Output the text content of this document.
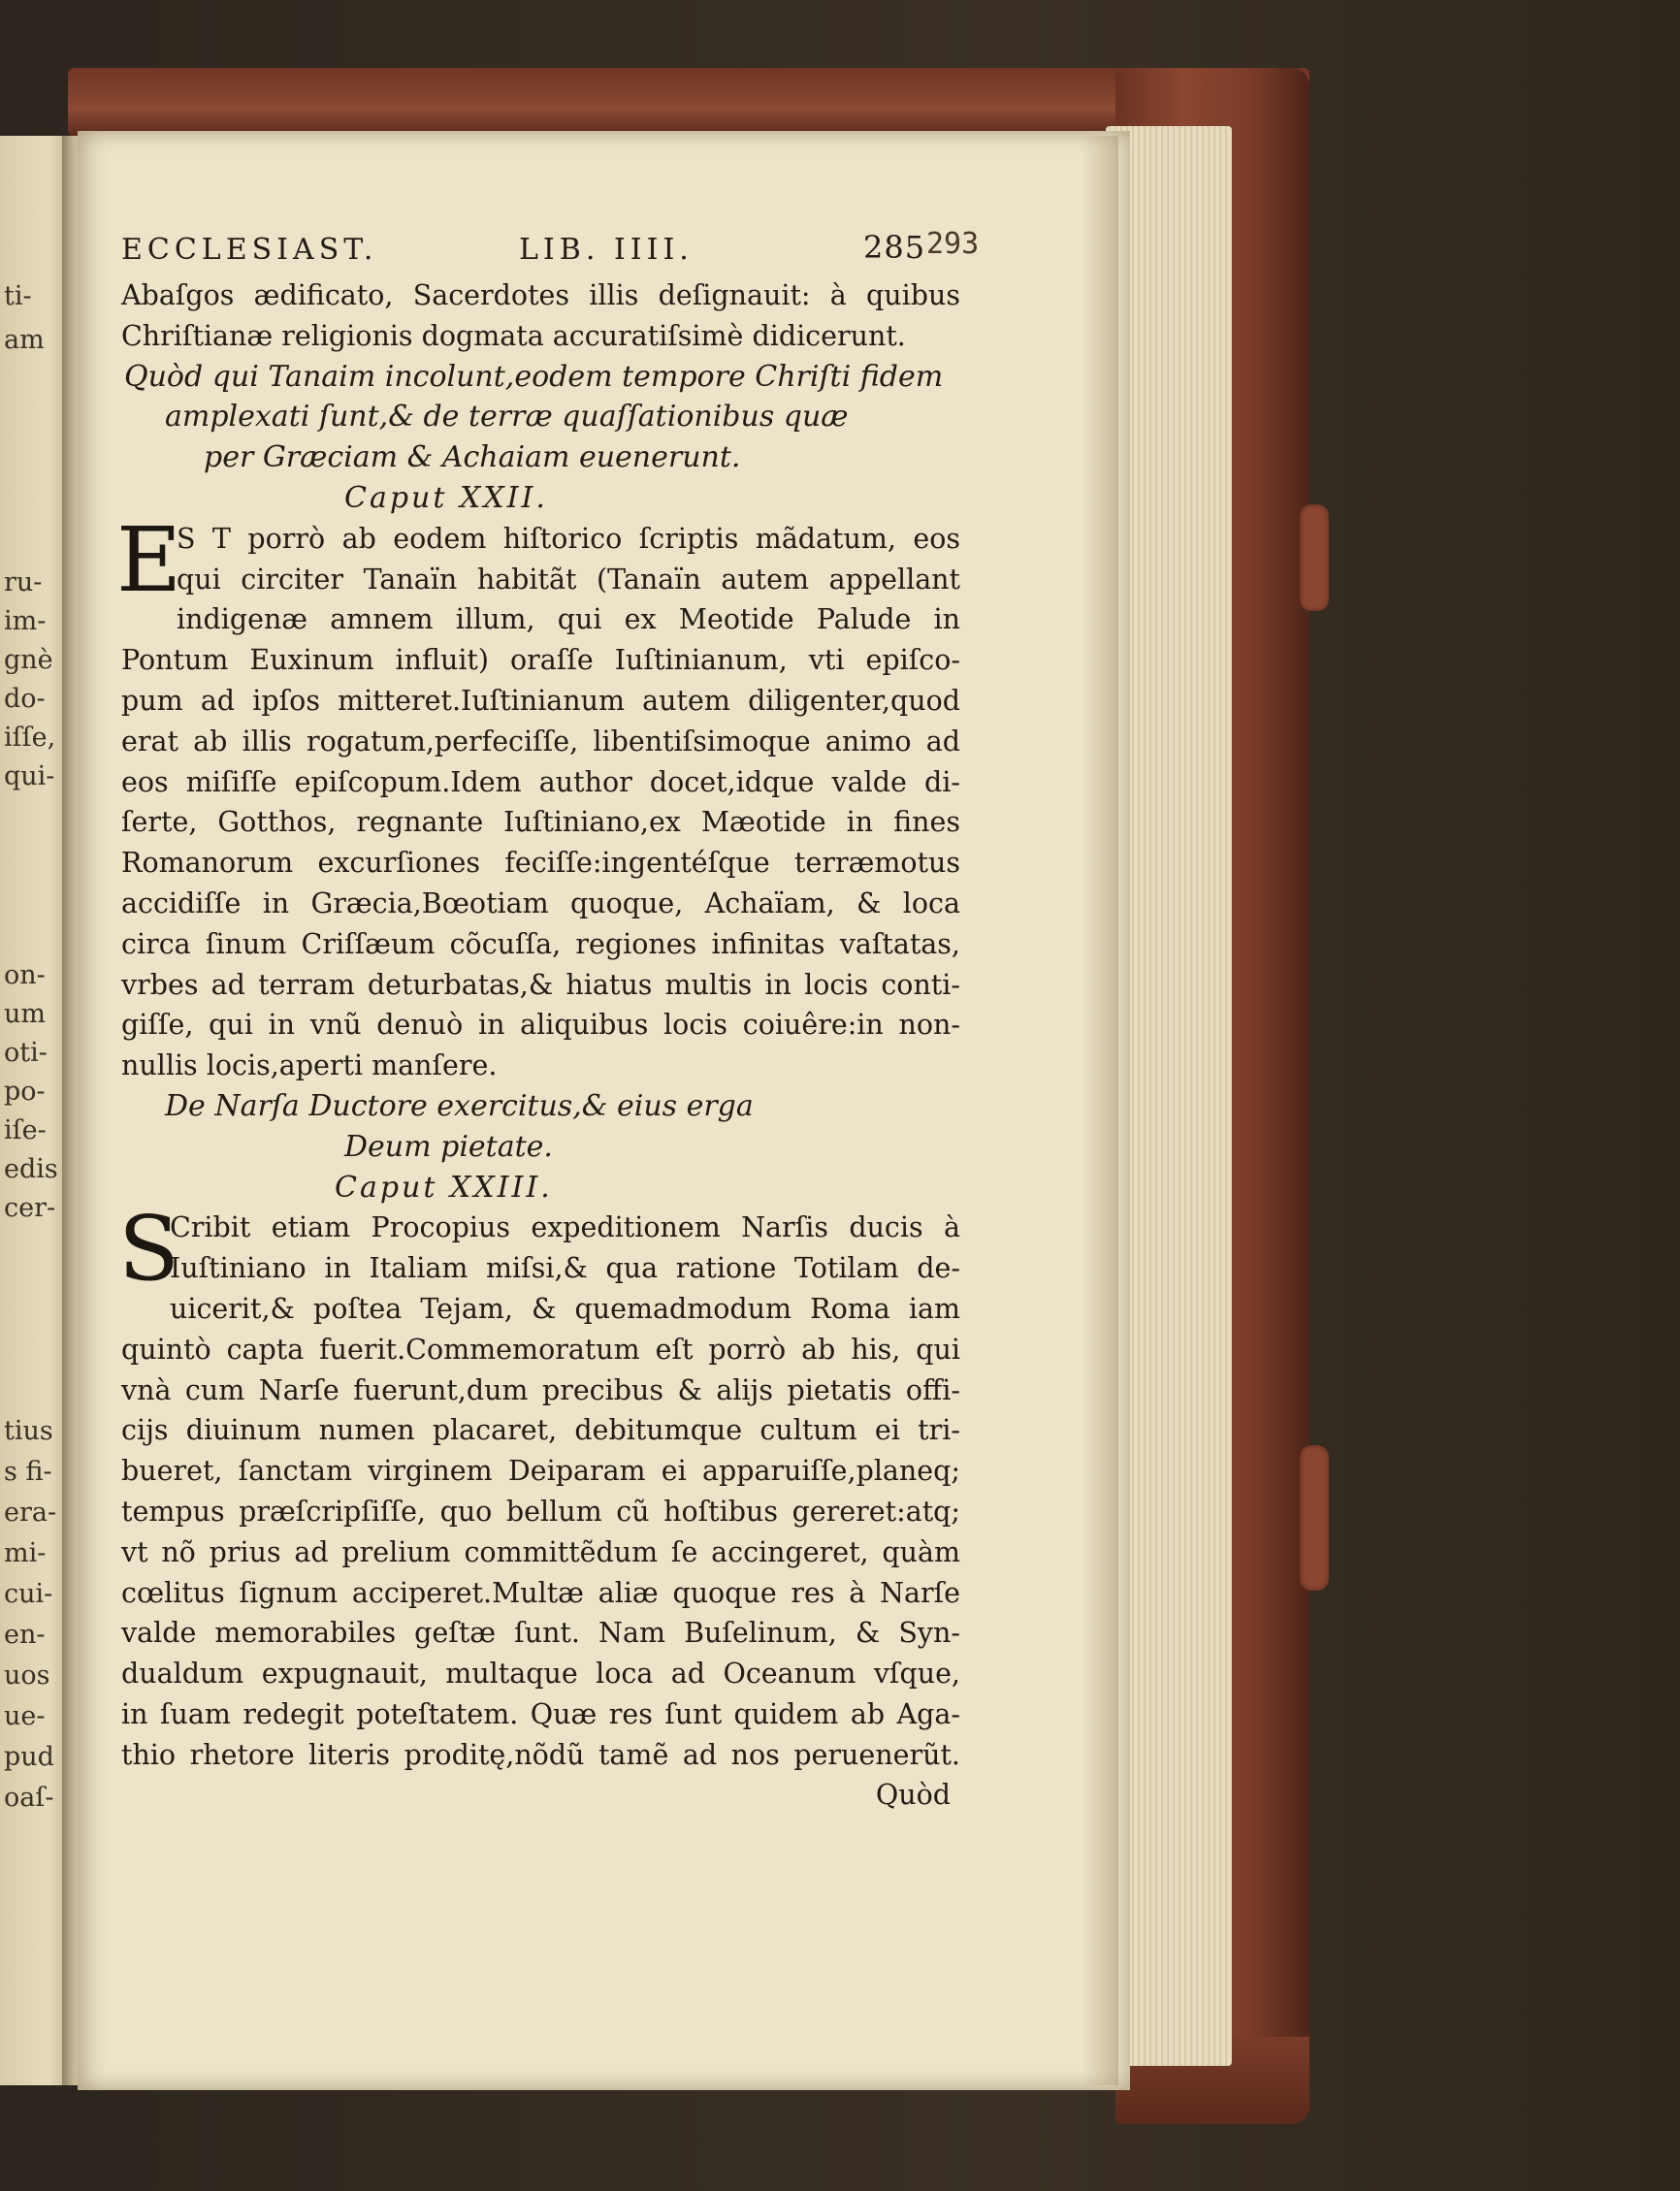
ti-
am
ru-
im-
gnè
do-
iſſe,
qui-
on-
um
oti-
po-
iſe-
edis
cer-
tius
s fi-
era-
mi-
cui-
en-
uos
ue-
pud
oaſ-
ECCLESIAST.	LIB. IIII.	285 293
Abaſgos ædificato, Sacerdotes illis deſignauit: à quibus
Chriſtianæ religionis dogmata accuratiſsimè didicerunt.
Quòd qui Tanaim incolunt,eodem tempore Chriſti fidem
amplexati ſunt,& de terræ quaſſationibus quæ
per Græciam & Achaiam euenerunt.
Caput XXII.
E
S T porrò ab eodem hiſtorico ſcriptis mãdatum, eos
qui circiter Tanaïn habitãt (Tanaïn autem appellant
indigenæ amnem illum, qui ex Meotide Palude in
Pontum Euxinum influit) oraſſe Iuſtinianum, vti epiſco-
pum ad ipſos mitteret.Iuſtinianum autem diligenter,quod
erat ab illis rogatum,perfeciſſe, libentiſsimoque animo ad
eos miſiſſe epiſcopum.Idem author docet,idque valde di-
ſerte, Gotthos, regnante Iuſtiniano,ex Mæotide in fines
Romanorum excurſiones feciſſe:ingentéſque terræmotus
accidiſſe in Græcia,Bœotiam quoque, Achaïam, & loca
circa ſinum Criſſæum cõcuſſa, regiones infinitas vaſtatas,
vrbes ad terram deturbatas,& hiatus multis in locis conti-
giſſe, qui in vnũ denuò in aliquibus locis coiuêre:in non-
nullis locis,aperti manſere.
De Narſa Ductore exercitus,& eius erga
Deum pietate.
Caput XXIII.
S
Cribit etiam Procopius expeditionem Narſis ducis à
Iuſtiniano in Italiam miſsi,& qua ratione Totilam de-
uicerit,& poſtea Tejam, & quemadmodum Roma iam
quintò capta fuerit.Commemoratum eſt porrò ab his, qui
vnà cum Narſe fuerunt,dum precibus & alijs pietatis offi-
cijs diuinum numen placaret, debitumque cultum ei tri-
bueret, ſanctam virginem Deiparam ei apparuiſſe,planeq;
tempus præſcripſiſſe, quo bellum cũ hoſtibus gereret:atq;
vt nõ prius ad prelium committẽdum ſe accingeret, quàm
cœlitus ſignum acciperet.Multæ aliæ quoque res à Narſe
valde memorabiles geſtæ ſunt. Nam Buſelinum, & Syn-
dualdum expugnauit, multaque loca ad Oceanum vſque,
in ſuam redegit poteſtatem. Quæ res ſunt quidem ab Aga-
thio rhetore literis proditę,nõdũ tamẽ ad nos peruenerũt.
Quòd
